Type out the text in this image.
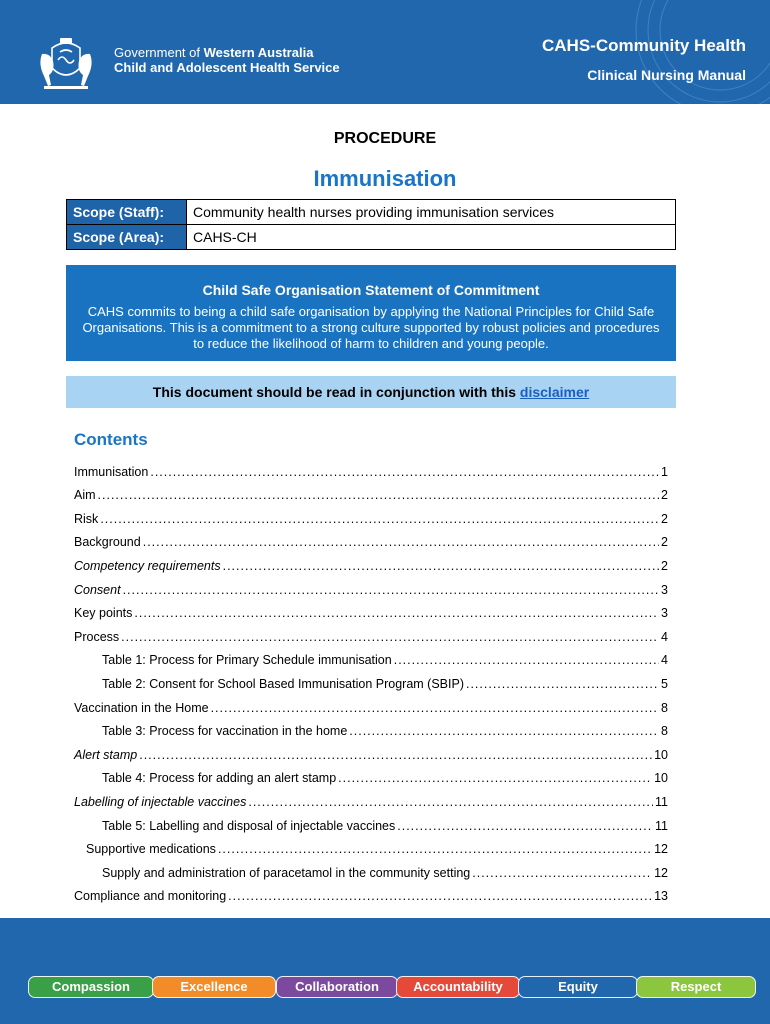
Government of Western Australia
Child and Adolescent Health Service
CAHS-Community Health
Clinical Nursing Manual
PROCEDURE
Immunisation
Scope (Staff):	Community health nurses providing immunisation services
Scope (Area):	CAHS-CH
Child Safe Organisation Statement of Commitment
CAHS commits to being a child safe organisation by applying the National Principles for Child Safe Organisations. This is a commitment to a strong culture supported by robust policies and procedures to reduce the likelihood of harm to children and young people.
This document should be read in conjunction with this disclaimer
Contents
Immunisation .....	1
Aim .....	2
Risk .....	2
Background .....	2
Competency requirements .....	2
Consent .....	3
Key points .....	3
Process .....	4
Table 1: Process for Primary Schedule immunisation .....	4
Table 2: Consent for School Based Immunisation Program (SBIP) .....	5
Vaccination in the Home .....	8
Table 3: Process for vaccination in the home .....	8
Alert stamp .....	10
Table 4: Process for adding an alert stamp .....	10
Labelling of injectable vaccines .....	11
Table 5: Labelling and disposal of injectable vaccines .....	11
Supportive medications .....	12
Supply and administration of paracetamol in the community setting .....	12
Compliance and monitoring .....	13
Compassion	Excellence	Collaboration	Accountability	Equity	Respect
